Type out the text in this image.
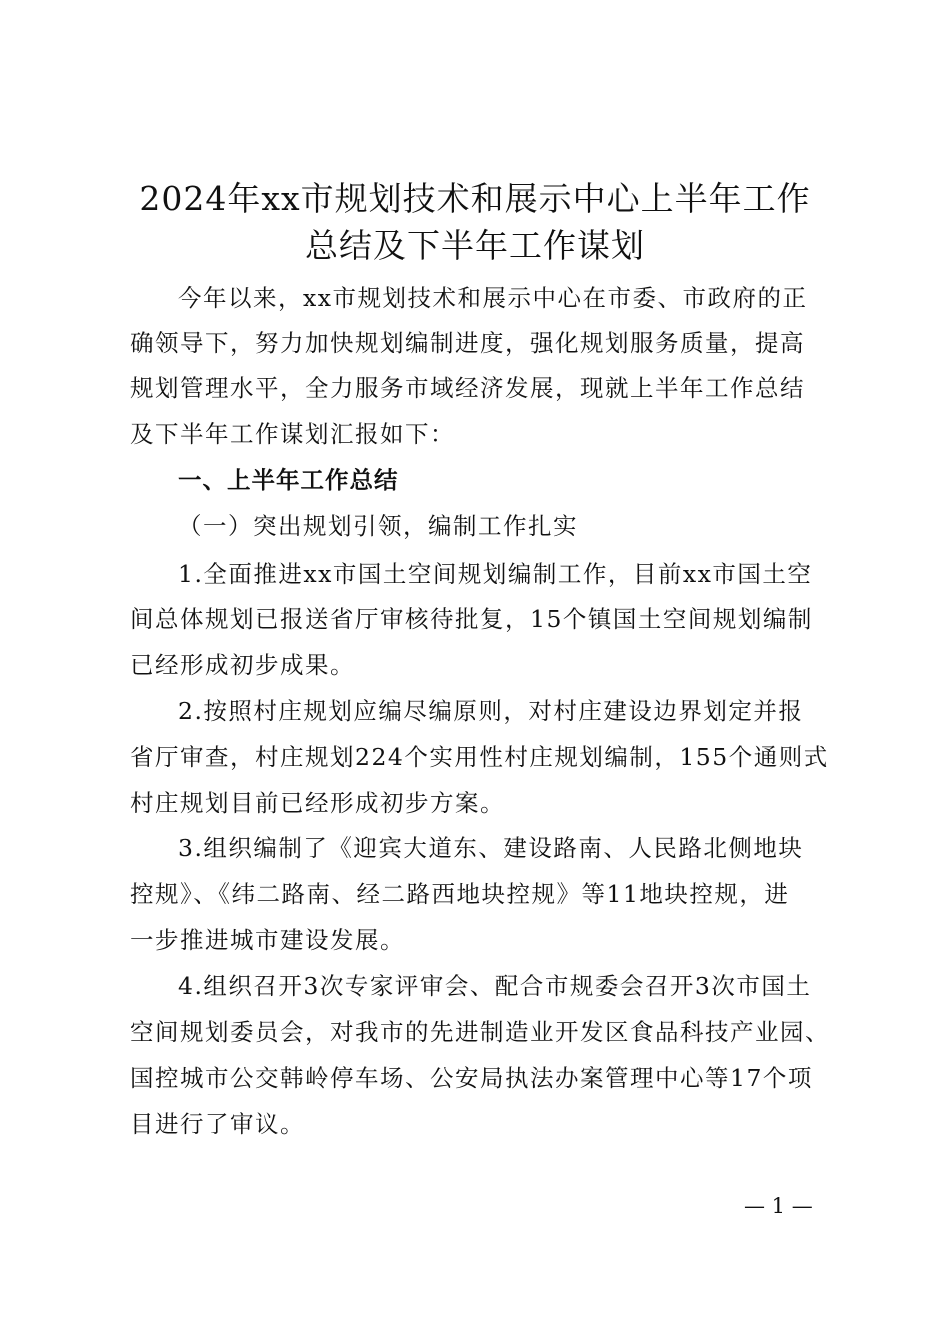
2024年xx市规划技术和展示中心上半年工作
总结及下半年工作谋划
今年以来，xx市规划技术和展示中心在市委、市政府的正
确领导下，努力加快规划编制进度，强化规划服务质量，提高
规划管理水平，全力服务市域经济发展，现就上半年工作总结
及下半年工作谋划汇报如下：
一、上半年工作总结
（一）突出规划引领，编制工作扎实
1.全面推进xx市国土空间规划编制工作，目前xx市国土空
间总体规划已报送省厅审核待批复，15个镇国土空间规划编制
已经形成初步成果。
2.按照村庄规划应编尽编原则，对村庄建设边界划定并报
省厅审查，村庄规划224个实用性村庄规划编制，155个通则式
村庄规划目前已经形成初步方案。
3.组织编制了《迎宾大道东、建设路南、人民路北侧地块
控规》、《纬二路南、经二路西地块控规》等11地块控规，进
一步推进城市建设发展。
4.组织召开3次专家评审会、配合市规委会召开3次市国土
空间规划委员会，对我市的先进制造业开发区食品科技产业园、
国控城市公交韩岭停车场、公安局执法办案管理中心等17个项
目进行了审议。
— 1 —
